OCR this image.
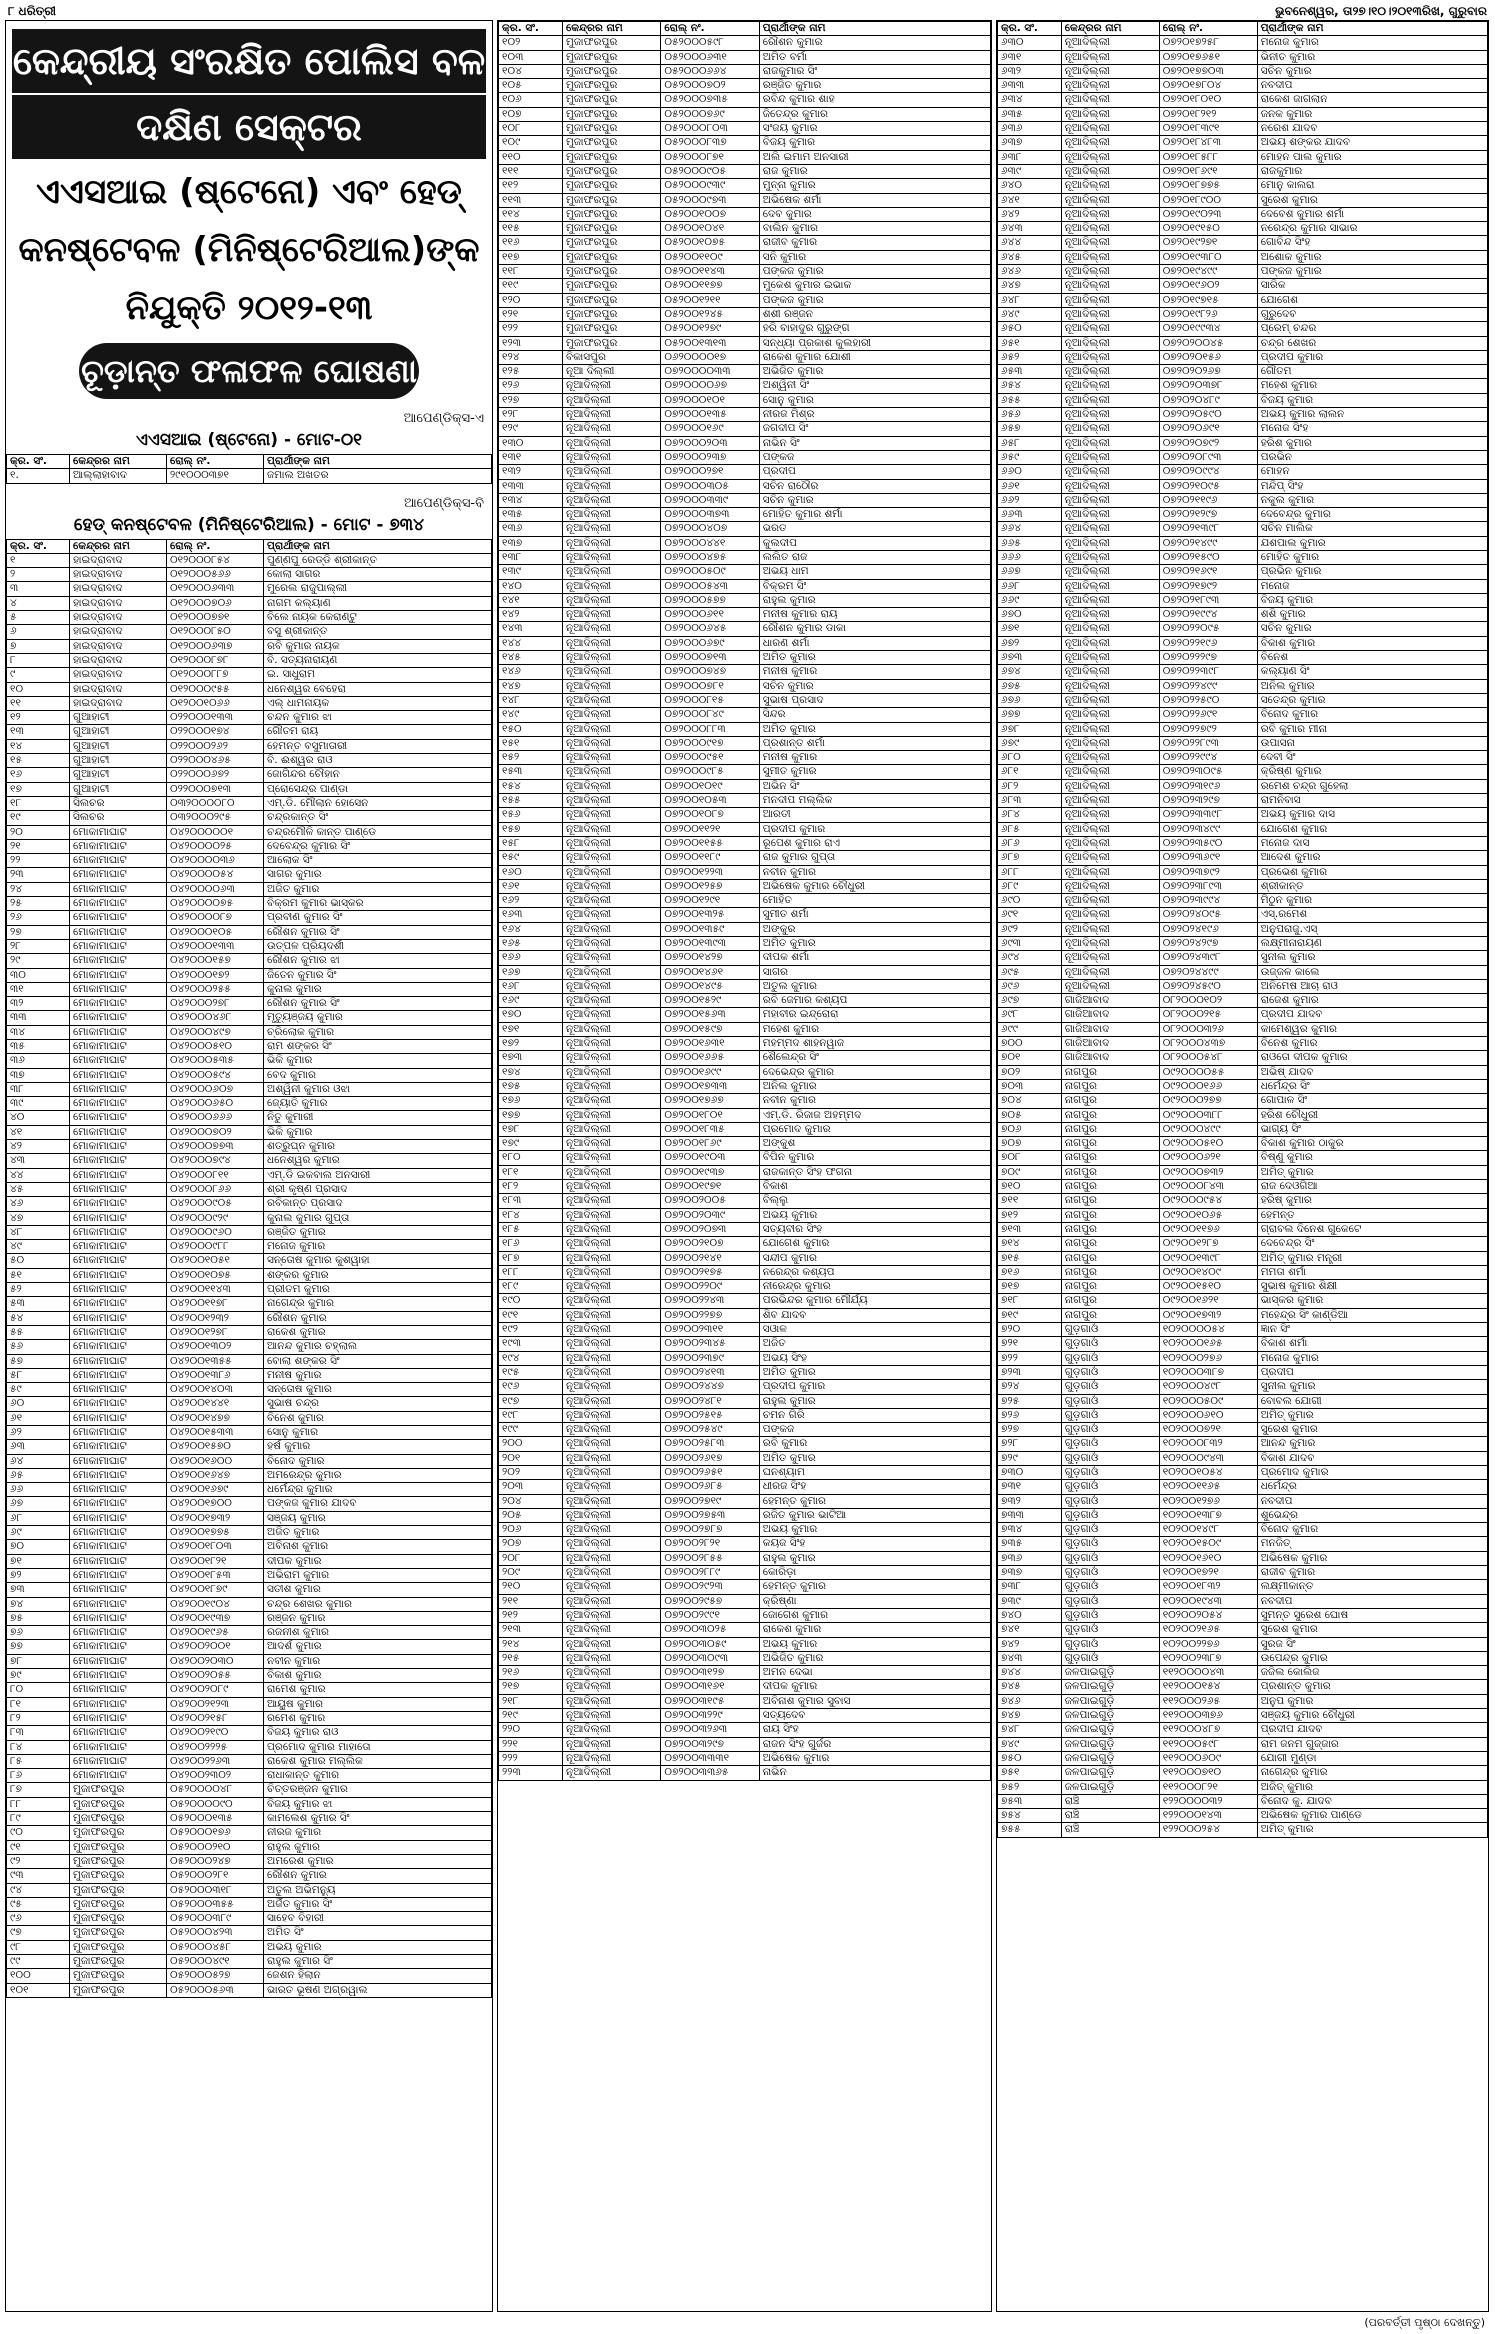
୮ ଧରିତ୍ରୀ	ଭୁବନେଶ୍ୱର, ତା୨୭।୧୦।୨୦୧୩ରିଖ, ଗୁରୁବାର
କେନ୍ଦ୍ରୀୟ ସଂରକ୍ଷିତ ପୋଲିସ ବଳ
ଦକ୍ଷିଣ ସେକ୍ଟର
ଏଏସଆଇ (ଷ୍ଟେନୋ) ଏବଂ ହେଡ୍
କନଷ୍ଟେବଳ (ମିନିଷ୍ଟେରିଆଲ)ଙ୍କ
ନିଯୁକ୍ତି ୨୦୧୨-୧୩
ଚୂଡ଼ାନ୍ତ ଫଳାଫଳ ଘୋଷଣା
ଆପେଣ୍ଡିକ୍ସ-ଏ
ଏଏସଆଇ (ଷ୍ଟେନୋ) - ମୋଟ-୦୧
କ୍ର. ସଂ.	କେନ୍ଦ୍ରର ନାମ	ରୋଲ୍ ନଂ.	ପ୍ରାର୍ଥୀଙ୍କ ନାମ
୧.	ଆଲ୍ଲାହାବାଦ	୨୯୧୦୦୦୩୭୧	ଜମାଲ ଅଖତର
ଆପେଣ୍ଡିକ୍ସ-ବି
ହେଡ୍ କନଷ୍ଟେବଳ (ମିନିଷ୍ଟେରିଆଲ) - ମୋଟ - ୭୩୪
କ୍ର. ସଂ.	କେନ୍ଦ୍ରର ନାମ	ରୋଲ୍ ନଂ.	ପ୍ରାର୍ଥୀଙ୍କ ନାମ
୧	ହାଇଦ୍ରାବାଦ	୦୧୨୦୦୦୮୫୪	ପୁଣ୍ଣପୁ ରେଡ୍ଡି ଶ୍ରୀକାନ୍ତ
୨	ହାଇଦ୍ରାବାଦ	୦୧୨୦୦୦୫୬୬	କୋଲା ସାଗର
୩	ହାଇଦ୍ରାବାଦ	୦୧୨୦୦୦୬୩୩	ମୁରେଲ ରାଜୁପାଲ୍ଲୀ
୪	ହାଇଦ୍ରାବାଦ	୦୧୨୦୦୦୭୦୬	ନାଗମ କଲ୍ୟାଣ
୫	ହାଇଦ୍ରାବାଦ	୦୧୨୦୦୦୭୭୧	ବିଲେ ନାୟକ କେରାଣ୍ଟୁ
୬	ହାଇଦ୍ରାବାଦ	୦୧୨୦୦୦୮୫୦	ବସୁ ଶ୍ରୀକାନ୍ତ
୭	ହାଇଦ୍ରାବାଦ	୦୧୨୦୦୦୬୩୭	ରବି କୁମାର ନାୟକ
୮	ହାଇଦ୍ରାବାଦ	୦୧୨୦୦୦୮୭୮	ବି. ସତ୍ୟନାରାୟଣ
୯	ହାଇଦ୍ରାବାଦ	୦୧୨୦୦୦୮୮୭	ଇ. ସାଧୁରାମ
୧୦	ହାଇଦ୍ରାବାଦ	୦୧୨୦୦୦୯୫୫	ଧନେଶ୍ୱର ବେହେରା
୧୧	ହାଇଦ୍ରାବାଦ	୦୧୨୦୦୧୦୬୬	ଏଲ୍ ଧାମନାୟକ
୧୨	ଗୁଆହାଟୀ	୦୨୨୦୦୦୧୩୩	ଚନ୍ଦନ କୁମାର ଝା
୧୩	ଗୁଆହାଟୀ	୦୨୨୦୦୦୧୭୪	ଗୌତମ ରାୟ
୧୪	ଗୁଆହାଟୀ	୦୨୨୦୦୦୨୬୨	ହେମନ୍ତ ବସୁମାତାରୀ
୧୫	ଗୁଆହାଟୀ	୦୨୨୦୦୦୪୬୫	ବି. ଈଶ୍ୱର ରାଓ
୧୬	ଗୁଆହାଟୀ	୦୨୨୦୦୦୬୭୨	ଜୋଗିନ୍ଦର ଚୌହାନ
୧୭	ଗୁଆହାଟୀ	୦୨୨୦୦୦୭୧୩	ପ୍ରୋସେନ୍ଦ୍ର ପାଣ୍ଡା
୧୮	ସିଲଚର	୦୩୨୦୦୦୦୮୦	ଏମ୍.ଡି. ମୌଲାନ ହୋସେନ
୧୯	ସିଲଚର	୦୩୨୦୦୦୨୯୫	ଚନ୍ଦ୍ରକାନ୍ତ ସିଂ
୨୦	ମୋକାମାଘାଟ	୦୪୨୦୦୦୦୦୧	ଚନ୍ଦ୍ରମୌଳି କାନ୍ତ ପାଣ୍ଡେ
୨୧	ମୋକାମାଘାଟ	୦୪୨୦୦୦୦୨୫	ଦେବେନ୍ଦ୍ର କୁମାର ସିଂ
୨୨	ମୋକାମାଘାଟ	୦୪୨୦୦୦୦୩୬	ଆଲୋକ ସିଂ
୨୩	ମୋକାମାଘାଟ	୦୪୨୦୦୦୦୫୪	ସାଗର କୁମାର
୨୪	ମୋକାମାଘାଟ	୦୪୨୦୦୦୦୬୩	ଅଜିତ କୁମାର
୨୫	ମୋକାମାଘାଟ	୦୪୨୦୦୦୦୭୫	ବିକ୍ରମ କୁମାର ଭାସ୍କର
୨୬	ମୋକାମାଘାଟ	୦୪୨୦୦୦୦୮୭	ପ୍ରବୀଣ କୁମାର ସିଂ
୨୭	ମୋକାମାଘାଟ	୦୪୨୦୦୦୧୦୫	ରୌଶନ କୁମାର ସିଂ
୨୮	ମୋକାମାଘାଟ	୦୪୨୦୦୦୧୩୩	ଉତ୍ପଳ ପ୍ରିୟଦର୍ଶୀ
୨୯	ମୋକାମାଘାଟ	୦୪୨୦୦୦୧୫୭	ରୌଶନ କୁମାର ଝା
୩୦	ମୋକାମାଘାଟ	୦୪୨୦୦୦୧୭୨	ଜିତେନ କୁମାର ସିଂ
୩୧	ମୋକାମାଘାଟ	୦୪୨୦୦୦୨୫୫	କୁନାଲ କୁମାର
୩୨	ମୋକାମାଘାଟ	୦୪୨୦୦୦୨୭୮	ରୌଶନ କୁମାର ସିଂ
୩୩	ମୋକାମାଘାଟ	୦୪୨୦୦୦୪୬୮	ମୃତ୍ୟୁଞ୍ଜୟ କୁମାର
୩୪	ମୋକାମାଘାଟ	୦୪୨୦୦୦୪୯୭	ଚ୍ରିଲୋକ କୁମାର
୩୫	ମୋକାମାଘାଟ	୦୪୨୦୦୦୫୧୦	ରାମ ଶଙ୍କର ସିଂ
୩୬	ମୋକାମାଘାଟ	୦୪୨୦୦୦୫୩୫	ଭିକି କୁମାର
୩୭	ମୋକାମାଘାଟ	୦୪୨୦୦୦୫୯୪	ବେଦ କୁମାର
୩୮	ମୋକାମାଘାଟ	୦୪୨୦୦୦୬୦୭	ଅଶ୍ୱିନୀ କୁମାର ଓଝା
୩୯	ମୋକାମାଘାଟ	୦୪୨୦୦୦୬୫୦	ଜ୍ୟୋତି କୁମାର
୪୦	ମୋକାମାଘାଟ	୦୪୨୦୦୦୬୬୬	ନିତୁ କୁମାରୀ
୪୧	ମୋକାମାଘାଟ	୦୪୨୦୦୦୭୦୨	ଭିକି କୁମାର
୪୨	ମୋକାମାଘାଟ	୦୪୨୦୦୦୭୭୩	ଶତ୍ରୁଘ୍ନ କୁମାର
୪୩	ମୋକାମାଘାଟ	୦୪୨୦୦୦୭୯୪	ଧନେଶ୍ୱର କୁମାର
୪୪	ମୋକାମାଘାଟ	୦୪୨୦୦୦୮୧୧	ଏମ୍.ଡି ଇକବାଲ ଅନସାରୀ
୪୫	ମୋକାମାଘାଟ	୦୪୨୦୦୦୮୬୬	ଶ୍ରୀ କୃଷ୍ଣ ପ୍ରସାଦ
୪୬	ମୋକାମାଘାଟ	୦୪୨୦୦୦୯୦୫	ରବିକାନ୍ତ ପ୍ରସାଦ
୪୭	ମୋକାମାଘାଟ	୦୪୨୦୦୦୯୨୯	କୁନାଲ କୁମାର ଗୁପ୍ତା
୪୮	ମୋକାମାଘାଟ	୦୪୨୦୦୦୯୬୦	ରଞ୍ଜିତ କୁମାର
୪୯	ମୋକାମାଘାଟ	୦୪୨୦୦୦୯୮୮	ମନୋଜ କୁମାର
୫୦	ମୋକାମାଘାଟ	୦୪୨୦୦୧୦୫୧	ସନ୍ତୋଷ କୁମାର କୁଶୱାହା
୫୧	ମୋକାମାଘାଟ	୦୪୨୦୦୧୦୭୫	ଶଙ୍କର କୁମାର
୫୨	ମୋକାମାଘାଟ	୦୪୨୦୦୧୧୪୩	ପ୍ରୀତମ କୁମାର
୫୩	ମୋକାମାଘାଟ	୦୪୨୦୦୧୧୭୮	ନାଗେନ୍ଦ୍ର କୁମାର
୫୪	ମୋକାମାଘାଟ	୦୪୨୦୦୧୨୩୨	ରୌଶନ କୁମାର
୫୫	ମୋକାମାଘାଟ	୦୪୨୦୦୧୨୭୮	ରାକେଶ କୁମାର
୫୬	ମୋକାମାଘାଟ	୦୪୨୦୦୧୩୦୨	ଆନନ୍ଦ କୁମାର ଚହ୍ଲାଲ
୫୭	ମୋକାମାଘାଟ	୦୪୨୦୦୧୩୫୫	ବୋଲା ଶଙ୍କର ସିଂ
୫୮	ମୋକାମାଘାଟ	୦୪୨୦୦୧୩୮୬	ମନୀଷ କୁମାର
୫୯	ମୋକାମାଘାଟ	୦୪୨୦୦୧୪୦୩	ସନ୍ତୋଷ କୁମାର
୬୦	ମୋକାମାଘାଟ	୦୪୨୦୦୧୪୪୧	ସୁଭାଷ ଚନ୍ଦ୍ର
୬୧	ମୋକାମାଘାଟ	୦୪୨୦୦୧୪୭୭	ବିନେଶ କୁମାର
୬୨	ମୋକାମାଘାଟ	୦୪୨୦୦୧୫୩୩	ସୋନୁ କୁମାର
୬୩	ମୋକାମାଘାଟ	୦୪୨୦୦୧୫୭୦	ହର୍ଷ କୁମାର
୬୪	ମୋକାମାଘାଟ	୦୪୨୦୦୧୬୦୦	ବିନୋଦ କୁମାର
୬୫	ମୋକାମାଘାଟ	୦୪୨୦୦୧୬୪୭	ଅମରେନ୍ଦ୍ର କୁମାର
୬୬	ମୋକାମାଘାଟ	୦୪୨୦୦୧୬୭୯	ଧର୍ମେନ୍ଦ୍ର କୁମାର
୬୭	ମୋକାମାଘାଟ	୦୪୨୦୦୧୭୦୦	ପଙ୍କଜ କୁମାର ଯାଦବ
୬୮	ମୋକାମାଘାଟ	୦୪୨୦୦୧୭୩୨	ସଞ୍ଜୟ କୁମାର
୬୯	ମୋକାମାଘାଟ	୦୪୨୦୦୧୭୭୫	ଅଜିତ କୁମାର
୭୦	ମୋକାମାଘାଟ	୦୪୨୦୦୧୮୦୩	ଅବିନାଶ କୁମାର
୭୧	ମୋକାମାଘାଟ	୦୪୨୦୦୧୮୨୧	ଦୀପକ କୁମାର
୭୨	ମୋକାମାଘାଟ	୦୪୨୦୦୧୮୫୩	ଅଭିରାମ କୁମାର
୭୩	ମୋକାମାଘାଟ	୦୪୨୦୦୧୮୭୯	ସତୀଶ କୁମାର
୭୪	ମୋକାମାଘାଟ	୦୪୨୦୦୧୯୦୪	ଚନ୍ଦ୍ର ଶେଖର କୁମାର
୭୫	ମୋକାମାଘାଟ	୦୪୨୦୦୧୯୩୭	ରଞ୍ଜନ କୁମାର
୭୬	ମୋକାମାଘାଟ	୦୪୨୦୦୧୯୬୫	ରଜନୀଶ କୁମାର
୭୭	ମୋକାମାଘାଟ	୦୪୨୦୦୨୦୦୧	ଆଦର୍ଶ କୁମାର
୭୮	ମୋକାମାଘାଟ	୦୪୨୦୦୨୦୩୦	ନବୀନ କୁମାର
୭୯	ମୋକାମାଘାଟ	୦୪୨୦୦୨୦୫୫	ବିକାଶ କୁମାର
୮୦	ମୋକାମାଘାଟ	୦୪୨୦୦୨୦୮୯	ରାମେଶ କୁମାର
୮୧	ମୋକାମାଘାଟ	୦୪୨୦୦୨୧୨୩	ଆୟୁଷ କୁମାର
୮୨	ମୋକାମାଘାଟ	୦୪୨୦୦୨୧୫୮	ରମେଶ କୁମାର
୮୩	ମୋକାମାଘାଟ	୦୪୨୦୦୨୧୯୦	ବିଜୟ କୁମାର ରାଓ
୮୪	ମୋକାମାଘାଟ	୦୪୨୦୦୨୨୨୫	ପ୍ରମୋଦ କୁମାର ମାହାତୋ
୮୫	ମୋକାମାଘାଟ	୦୪୨୦୦୨୨୬୩	ରାକେଶ କୁମାର ମଲ୍ଲିକ
୮୬	ମୋକାମାଘାଟ	୦୪୨୦୦୨୩୦୨	ରାଧାକାନ୍ତ କୁମାର
୮୭	ମୁଜାଫରପୁର	୦୫୨୦୦୦୦୪୮	ଚିତ୍ତରଞ୍ଜନ କୁମାର
୮୮	ମୁଜାଫରପୁର	୦୫୨୦୦୦୦୯୦	ବିଜୟ କୁମାର ଝା
୮୯	ମୁଜାଫରପୁର	୦୫୨୦୦୦୧୩୫	କାମଲେଶ କୁମାର ସିଂ
୯୦	ମୁଜାଫରପୁର	୦୫୨୦୦୦୧୭୬	ନୀରଜ କୁମାର
୯୧	ମୁଜାଫରପୁର	୦୫୨୦୦୦୨୧୦	ରାହୁଲ କୁମାର
୯୨	ମୁଜାଫରପୁର	୦୫୨୦୦୦୨୪୭	ଅମରେଶ କୁମାର
୯୩	ମୁଜାଫରପୁର	୦୫୨୦୦୦୨୮୧	ରୌଶନ କୁମାର
୯୪	ମୁଜାଫରପୁର	୦୫୨୦୦୦୩୧୮	ଅତୁଲ ଅଭିମନ୍ୟୁ
୯୫	ମୁଜାଫରପୁର	୦୫୨୦୦୦୩୫୫	ଅର୍ଜିତ କୁମାର ସିଂ
୯୬	ମୁଜାଫରପୁର	୦୫୨୦୦୦୩୮୯	ସାହେବ ବିହାରୀ
୯୭	ମୁଜାଫରପୁର	୦୫୨୦୦୦୪୨୩	ଅମିତ ସିଂ
୯୮	ମୁଜାଫରପୁର	୦୫୨୦୦୦୪୫୮	ଅଭୟ କୁମାର
୯୯	ମୁଜାଫରପୁର	୦୫୨୦୦୦୪୯୧	ରାହୁଲ କୁମାର ସିଂ
୧୦୦	ମୁଜାଫରପୁର	୦୫୨୦୦୦୫୨୭	ଜେଶନ ହିଲାନ
୧୦୧	ମୁଜାଫରପୁର	୦୫୨୦୦୦୫୬୩	ଭାରତ ଭୂଷଣ ଅଗ୍ରୱାଲ
କ୍ର. ସଂ.	କେନ୍ଦ୍ରର ନାମ	ରୋଲ୍ ନଂ.	ପ୍ରାର୍ଥୀଙ୍କ ନାମ
୧୦୨	ମୁଜାଫରପୁର	୦୫୨୦୦୦୫୯୮	ରୌଶନ କୁମାର
୧୦୩	ମୁଜାଫରପୁର	୦୫୨୦୦୦୬୩୧	ଅମିତ ବର୍ମା
୧୦୪	ମୁଜାଫରପୁର	୦୫୨୦୦୦୬୬୪	ରାଜକୁମାର ସିଂ
୧୦୫	ମୁଜାଫରପୁର	୦୫୨୦୦୦୭୦୨	ରଞ୍ଜିତ କୁମାର
୧୦୬	ମୁଜାଫରପୁର	୦୫୨୦୦୦୭୩୫	ରବିନ୍ଦ କୁମାର ଶାହ
୧୦୭	ମୁଜାଫରପୁର	୦୫୨୦୦୦୭୬୯	ଜିତେନ୍ଦ୍ର କୁମାର
୧୦୮	ମୁଜାଫରପୁର	୦୫୨୦୦୦୮୦୩	ସଂଜୟ କୁମାର
୧୦୯	ମୁଜାଫରପୁର	୦୫୨୦୦୦୮୩୭	ବିଜୟ କୁମାର
୧୧୦	ମୁଜାଫରପୁର	୦୫୨୦୦୦୮୭୧	ଅଲି ଇମାମ ଅନସାରୀ
୧୧୧	ମୁଜାଫରପୁର	୦୫୨୦୦୦୯୦୫	ରାଜ କୁମାର
୧୧୨	ମୁଜାଫରପୁର	୦୫୨୦୦୦୯୩୯	ମୁନ୍ନା କୁମାର
୧୧୩	ମୁଜାଫରପୁର	୦୫୨୦୦୦୯୭୩	ଅଭିଷେକ ଶର୍ମା
୧୧୪	ମୁଜାଫରପୁର	୦୫୨୦୦୧୦୦୭	ଦେବ କୁମାର
୧୧୫	ମୁଜାଫରପୁର	୦୫୨୦୦୧୦୪୧	ବାଲିନ କୁମାର
୧୧୬	ମୁଜାଫରପୁର	୦୫୨୦୦୧୦୭୫	ରାଜୀବ କୁମାର
୧୧୭	ମୁଜାଫରପୁର	୦୫୨୦୦୧୧୦୯	ସନି କୁମାର
୧୧୮	ମୁଜାଫରପୁର	୦୫୨୦୦୧୧୪୩	ପଙ୍କଜ କୁମାର
୧୧୯	ମୁଜାଫରପୁର	୦୫୨୦୦୧୧୭୭	ମୁକେଶ କୁମାର ଇଭାକ
୧୨୦	ମୁଜାଫରପୁର	୦୫୨୦୦୧୨୧୧	ପଙ୍କଜ କୁମାର
୧୨୧	ମୁଜାଫରପୁର	୦୫୨୦୦୧୨୪୫	ଶଶୀ ରଞ୍ଜନ
୧୨୨	ମୁଜାଫରପୁର	୦୫୨୦୦୧୨୭୯	ହରି ବାହାଦୁର ଗୁରୁଙ୍ଗ
୧୨୩	ମୁଜାଫରପୁର	୦୫୨୦୦୧୩୧୩	ସନ୍ଧ୍ୟା ପ୍ରକାଶ କୁଲହାରୀ
୧୨୪	ବିକାସପୁର	୦୬୨୦୦୦୦୧୭	ରାକେଶ କୁମାର ଯୋଶୀ
୧୨୫	ନୂଆ ଦିଲ୍ଲୀ	୦୭୨୦୦୦୦୩୩	ଅଭିଜିତ କୁମାର
୧୨୬	ନୂଆଦିଲ୍ଲୀ	୦୭୨୦୦୦୦୬୭	ଅଶ୍ୱିନୀ ସିଂ
୧୨୭	ନୂଆଦିଲ୍ଲୀ	୦୭୨୦୦୦୧୦୧	ସୋନୁ କୁମାର
୧୨୮	ନୂଆଦିଲ୍ଲୀ	୦୭୨୦୦୦୧୩୫	ନୀରଜ ମିଶ୍ର
୧୨୯	ନୂଆଦିଲ୍ଲୀ	୦୭୨୦୦୦୧୬୯	ଜଗଦୀପ ସିଂ
୧୩୦	ନୂଆଦିଲ୍ଲୀ	୦୭୨୦୦୦୨୦୩	ନାଭିନ ସିଂ
୧୩୧	ନୂଆଦିଲ୍ଲୀ	୦୭୨୦୦୦୨୩୭	ପଙ୍କଜ
୧୩୨	ନୂଆଦିଲ୍ଲୀ	୦୭୨୦୦୦୨୭୧	ପ୍ରଦୀପ
୧୩୩	ନୂଆଦିଲ୍ଲୀ	୦୭୨୦୦୦୩୦୫	ସଚିନ ରାଠୌର
୧୩୪	ନୂଆଦିଲ୍ଲୀ	୦୭୨୦୦୦୩୩୯	ସଚିନ କୁମାର
୧୩୫	ନୂଆଦିଲ୍ଲୀ	୦୭୨୦୦୦୩୭୩	ମୋହିତ କୁମାର ଶର୍ମା
୧୩୬	ନୂଆଦିଲ୍ଲୀ	୦୭୨୦୦୦୪୦୭	ଭରତ
୧୩୭	ନୂଆଦିଲ୍ଲୀ	୦୭୨୦୦୦୪୪୧	କୁଲଦୀପ
୧୩୮	ନୂଆଦିଲ୍ଲୀ	୦୭୨୦୦୦୪୭୫	ଲଲିତ ରାଜ
୧୩୯	ନୂଆଦିଲ୍ଲୀ	୦୭୨୦୦୦୫୦୯	ଅଭୟ ଧାମ
୧୪୦	ନୂଆଦିଲ୍ଲୀ	୦୭୨୦୦୦୫୪୩	ବିକ୍ରମ ସିଂ
୧୪୧	ନୂଆଦିଲ୍ଲୀ	୦୭୨୦୦୦୫୭୭	ରାହୁଲ କୁମାର
୧୪୨	ନୂଆଦିଲ୍ଲୀ	୦୭୨୦୦୦୬୧୧	ମନୀଷ କୁମାର ରାୟ
୧୪୩	ନୂଆଦିଲ୍ଲୀ	୦୭୨୦୦୦୬୪୫	ରୌଶନ କୁମାର ଡାକା
୧୪୪	ନୂଆଦିଲ୍ଲୀ	୦୭୨୦୦୦୬୭୯	ଧାରଣ ଶର୍ମା
୧୪୫	ନୂଆଦିଲ୍ଲୀ	୦୭୨୦୦୦୭୧୩	ଅମିତ କୁମାର
୧୪୬	ନୂଆଦିଲ୍ଲୀ	୦୭୨୦୦୦୭୪୭	ମନୀଷ କୁମାର
୧୪୭	ନୂଆଦିଲ୍ଲୀ	୦୭୨୦୦୦୭୮୧	ସଚିନ କୁମାର
୧୪୮	ନୂଆଦିଲ୍ଲୀ	୦୭୨୦୦୦୮୧୫	ସୁଭାଷ ପ୍ରସାଦ
୧୪୯	ନୂଆଦିଲ୍ଲୀ	୦୭୨୦୦୦୮୪୯	ସିନ୍ଦର
୧୫୦	ନୂଆଦିଲ୍ଲୀ	୦୭୨୦୦୦୮୮୩	ଅମିତ କୁମାର
୧୫୧	ନୂଆଦିଲ୍ଲୀ	୦୭୨୦୦୦୯୧୭	ପ୍ରଶାନ୍ତ ଶର୍ମା
୧୫୨	ନୂଆଦିଲ୍ଲୀ	୦୭୨୦୦୦୯୫୧	ମନୀଷ କୁମାର
୧୫୩	ନୂଆଦିଲ୍ଲୀ	୦୭୨୦୦୦୯୮୫	ସୁମୀତ କୁମାର
୧୫୪	ନୂଆଦିଲ୍ଲୀ	୦୭୨୦୦୧୦୧୯	ଅଭିନ ସିଂ
୧୫୫	ନୂଆଦିଲ୍ଲୀ	୦୭୨୦୦୧୦୫୩	ମନଦୀପ ମଲ୍ଲିକ
୧୫୬	ନୂଆଦିଲ୍ଲୀ	୦୭୨୦୦୧୦୮୭	ଆରତୀ
୧୫୭	ନୂଆଦିଲ୍ଲୀ	୦୭୨୦୦୧୧୨୧	ପ୍ରଦୀପ କୁମାର
୧୫୮	ନୂଆଦିଲ୍ଲୀ	୦୭୨୦୦୧୧୫୫	ରୂପେଶ କୁମାର ରାଏ
୧୫୯	ନୂଆଦିଲ୍ଲୀ	୦୭୨୦୦୧୧୮୯	ରାଜ କୁମାର ଗୁପ୍ତା
୧୬୦	ନୂଆଦିଲ୍ଲୀ	୦୭୨୦୦୧୨୨୩	ନବୀନ କୁମାର
୧୬୧	ନୂଆଦିଲ୍ଲୀ	୦୭୨୦୦୧୨୫୭	ଅଭିଷେକ କୁମାର ଚୌଧୁରୀ
୧୬୨	ନୂଆଦିଲ୍ଲୀ	୦୭୨୦୦୧୨୯୧	ମୋହିତ
୧୬୩	ନୂଆଦିଲ୍ଲୀ	୦୭୨୦୦୧୩୨୫	ସୁମୀତ ଶର୍ମା
୧୬୪	ନୂଆଦିଲ୍ଲୀ	୦୭୨୦୦୧୩୫୯	ଅଙ୍କୁର
୧୬୫	ନୂଆଦିଲ୍ଲୀ	୦୭୨୦୦୧୩୯୩	ଅମିତ କୁମାର
୧୬୬	ନୂଆଦିଲ୍ଲୀ	୦୭୨୦୦୧୪୨୭	ଦୀପକ ଶର୍ମା
୧୬୭	ନୂଆଦିଲ୍ଲୀ	୦୭୨୦୦୧୪୬୧	ସାଗର
୧୬୮	ନୂଆଦିଲ୍ଲୀ	୦୭୨୦୦୧୪୯୫	ଅତୁଲ କୁମାର
୧୬୯	ନୂଆଦିଲ୍ଲୀ	୦୭୨୦୦୧୫୨୯	ରବି ଜେମାର କଶ୍ୟପ
୧୭୦	ନୂଆଦିଲ୍ଲୀ	୦୭୨୦୦୧୫୬୩	ମହାବୀର ଇନ୍ଦ୍ରୋରା
୧୭୧	ନୂଆଦିଲ୍ଲୀ	୦୭୨୦୦୧୫୯୭	ମହେଶ କୁମାର
୧୭୨	ନୂଆଦିଲ୍ଲୀ	୦୭୨୦୦୧୬୩୧	ମହମ୍ମଦ ଶାହନୱାଜ
୧୭୩	ନୂଆଦିଲ୍ଲୀ	୦୭୨୦୦୧୬୬୫	ଶୈଲେନ୍ଦ୍ର ସିଂ
୧୭୪	ନୂଆଦିଲ୍ଲୀ	୦୭୨୦୦୧୬୯୯	ଦେଭେନ୍ଦ୍ର କୁମାର
୧୭୫	ନୂଆଦିଲ୍ଲୀ	୦୭୨୦୦୧୭୩୩	ଅନିଲ କୁମାର
୧୭୬	ନୂଆଦିଲ୍ଲୀ	୦୭୨୦୦୧୭୬୭	ନବୀନ କୁମାର
୧୭୭	ନୂଆଦିଲ୍ଲୀ	୦୭୨୦୦୧୮୦୧	ଏମ୍.ଡି. ରିଜାଜ ଅହମ୍ମଦ
୧୭୮	ନୂଆଦିଲ୍ଲୀ	୦୭୨୦୦୧୮୩୫	ପ୍ରମୋଦ କୁମାର
୧୭୯	ନୂଆଦିଲ୍ଲୀ	୦୭୨୦୦୧୮୬୯	ଅଙ୍କୁଶ
୧୮୦	ନୂଆଦିଲ୍ଲୀ	୦୭୨୦୦୧୯୦୩	ବିପିନ କୁମାର
୧୮୧	ନୂଆଦିଲ୍ଲୀ	୦୭୨୦୦୧୯୩୭	ରାଜକାନ୍ତ ସିଂହ ଫଗନା
୧୮୨	ନୂଆଦିଲ୍ଲୀ	୦୭୨୦୦୧୯୭୧	ବିକାଶ
୧୮୩	ନୂଆଦିଲ୍ଲୀ	୦୭୨୦୦୨୦୦୫	ବିଲ୍ଲୁ
୧୮୪	ନୂଆଦିଲ୍ଲୀ	୦୭୨୦୦୨୦୩୯	ଅଭୟ କୁମାର
୧୮୫	ନୂଆଦିଲ୍ଲୀ	୦୭୨୦୦୨୦୭୩	ସତ୍ୟବୀର ସିଂହ
୧୮୬	ନୂଆଦିଲ୍ଲୀ	୦୭୨୦୦୨୧୦୭	ଯୋଗେଶ କୁମାର
୧୮୭	ନୂଆଦିଲ୍ଲୀ	୦୭୨୦୦୨୧୪୧	ସନ୍ଦୀପ କୁମାର
୧୮୮	ନୂଆଦିଲ୍ଲୀ	୦୭୨୦୦୨୧୭୫	ନରେନ୍ଦ୍ର କଶ୍ୟପ
୧୮୯	ନୂଆଦିଲ୍ଲୀ	୦୭୨୦୦୨୨୦୯	ନୀରେନ୍ଦ୍ର କୁମାର
୧୯୦	ନୂଆଦିଲ୍ଲୀ	୦୭୨୦୦୨୨୪୩	ପରଭିନ୍ଦର କୁମାର ମୌର୍ଯ୍ୟ
୧୯୧	ନୂଆଦିଲ୍ଲୀ	୦୭୨୦୦୨୨୭୭	ଶିବ ଯାଦବ
୧୯୨	ନୂଆଦିଲ୍ଲୀ	୦୭୨୦୦୨୩୧୧	ସଓାଳ
୧୯୩	ନୂଆଦିଲ୍ଲୀ	୦୭୨୦୦୨୩୪୫	ଅଜିତ
୧୯୪	ନୂଆଦିଲ୍ଲୀ	୦୭୨୦୦୨୩୭୯	ଅଭୟ ସିଂହ
୧୯୫	ନୂଆଦିଲ୍ଲୀ	୦୭୨୦୦୨୪୧୩	ଅମିତ କୁମାର
୧୯୬	ନୂଆଦିଲ୍ଲୀ	୦୭୨୦୦୨୪୪୭	ପ୍ରଦୀପ କୁମାର
୧୯୭	ନୂଆଦିଲ୍ଲୀ	୦୭୨୦୦୨୪୮୧	ରାହୁଲ କୁମାର
୧୯୮	ନୂଆଦିଲ୍ଲୀ	୦୭୨୦୦୨୫୧୫	ଚମନ ଗିରି
୧୯୯	ନୂଆଦିଲ୍ଲୀ	୦୭୨୦୦୨୫୪୯	ପଙ୍କଜ
୨୦୦	ନୂଆଦିଲ୍ଲୀ	୦୭୨୦୦୨୫୮୩	ରବି କୁମାର
୨୦୧	ନୂଆଦିଲ୍ଲୀ	୦୭୨୦୦୨୬୧୭	ଅମିତ କୁମାର
୨୦୨	ନୂଆଦିଲ୍ଲୀ	୦୭୨୦୦୨୬୫୧	ଘନଶ୍ୟାମ
୨୦୩	ନୂଆଦିଲ୍ଲୀ	୦୭୨୦୦୨୬୮୫	ଧୀରଜ ସିଂହ
୨୦୪	ନୂଆଦିଲ୍ଲୀ	୦୭୨୦୦୨୭୧୯	ହେମନ୍ତ କୁମାର
୨୦୫	ନୂଆଦିଲ୍ଲୀ	୦୭୨୦୦୨୭୫୩	ରଜିତ କୁମାର ଭାଟିଆ
୨୦୬	ନୂଆଦିଲ୍ଲୀ	୦୭୨୦୦୨୭୮୭	ଅଭୟ କୁମାର
୨୦୭	ନୂଆଦିଲ୍ଲୀ	୦୭୨୦୦୨୮୨୧	କୟଜ ସିଂହ
୨୦୮	ନୂଆଦିଲ୍ଲୀ	୦୭୨୦୦୨୮୫୫	ରାହୁଲ କୁମାର
୨୦୯	ନୂଆଦିଲ୍ଲୀ	୦୭୨୦୦୨୮୮୯	କୋରିଡ଼ା
୨୧୦	ନୂଆଦିଲ୍ଲୀ	୦୭୨୦୦୨୯୨୩	ହେମନ୍ତ କୁମାର
୨୧୧	ନୂଆଦିଲ୍ଲୀ	୦୭୨୦୦୨୯୫୭	କ୍ରିଷ୍ଣା
୨୧୨	ନୂଆଦିଲ୍ଲୀ	୦୭୨୦୦୨୯୯୧	ଜୋଗେଶ କୁମାର
୨୧୩	ନୂଆଦିଲ୍ଲୀ	୦୭୨୦୦୩୦୨୫	ରାକେଶ କୁମାର
୨୧୪	ନୂଆଦିଲ୍ଲୀ	୦୭୨୦୦୩୦୫୯	ଅଭୟ କୁମାର
୨୧୫	ନୂଆଦିଲ୍ଲୀ	୦୭୨୦୦୩୦୯୩	ଅଭିଜିତ କୁମାର
୨୧୬	ନୂଆଦିଲ୍ଲୀ	୦୭୨୦୦୩୧୨୭	ଅମନ ଦେଭା
୨୧୭	ନୂଆଦିଲ୍ଲୀ	୦୭୨୦୦୩୧୬୧	ଦୀପକ କୁମାର
୨୧୮	ନୂଆଦିଲ୍ଲୀ	୦୭୨୦୦୩୧୯୫	ଅବିନାଶ କୁମାର ସୁବାସ
୨୧୯	ନୂଆଦିଲ୍ଲୀ	୦୭୨୦୦୩୨୨୯	ସତ୍ୟଦେବ
୨୨୦	ନୂଆଦିଲ୍ଲୀ	୦୭୨୦୦୩୨୬୩	ରାୟ ସିଂହ
୨୨୧	ନୂଆଦିଲ୍ଲୀ	୦୭୨୦୦୩୨୯୭	ରାଜନ ସିଂହ ଗୁର୍ଜର
୨୨୨	ନୂଆଦିଲ୍ଲୀ	୦୭୨୦୦୩୩୩୧	ଅଭିଷେକ କୁମାର
୨୨୩	ନୂଆଦିଲ୍ଲୀ	୦୭୨୦୦୩୩୬୫	ନାଭିନ
କ୍ର. ସଂ.	କେନ୍ଦ୍ରର ନାମ	ରୋଲ୍ ନଂ.	ପ୍ରାର୍ଥୀଙ୍କ ନାମ
୬୩୦	ନୂଆଦିଲ୍ଲୀ	୦୭୨୦୧୭୨୫୮	ମନୋଜ କୁମାର
୬୩୧	ନୂଆଦିଲ୍ଲୀ	୦୭୨୦୧୭୬୫୧	ଭିନୀତ କୁମାର
୬୩୨	ନୂଆଦିଲ୍ଲୀ	୦୭୨୦୧୭୭୦୩	ସଚିନ କୁମାର
୬୩୩	ନୂଆଦିଲ୍ଲୀ	୦୭୨୦୧୭୮୦୪	ନବଦୀପ
୬୩୪	ନୂଆଦିଲ୍ଲୀ	୦୭୨୦୧୮୦୧୦	ରାକେଶ ଜାଗଲାନ
୬୩୫	ନୂଆଦିଲ୍ଲୀ	୦୭୨୦୧୮୨୧୨	ଜନକ କୁମାର
୬୩୬	ନୂଆଦିଲ୍ଲୀ	୦୭୨୦୧୮୩୯୧	ନରେଶ ଯାଦବ
୬୩୭	ନୂଆଦିଲ୍ଲୀ	୦୭୨୦୧୮୪୮୩	ଅଭୟ ଶଙ୍କର ଯାଦବ
୬୩୮	ନୂଆଦିଲ୍ଲୀ	୦୭୨୦୧୮୫୮୮	ମୋହନ ପାଲ କୁମାର
୬୩୯	ନୂଆଦିଲ୍ଲୀ	୦୭୨୦୧୮୬୯୧	ରାଜକୁମାର
୬୪୦	ନୂଆଦିଲ୍ଲୀ	୦୭୨୦୧୮୭୭୫	ମୋନୁ କାଲରା
୬୪୧	ନୂଆଦିଲ୍ଲୀ	୦୭୨୦୧୮୯୦୦	ସୁରେଶ କୁମାର
୬୪୨	ନୂଆଦିଲ୍ଲୀ	୦୭୨୦୧୯୦୨୩	ଦେବେଶ କୁମାର ଶର୍ମା
୬୪୩	ନୂଆଦିଲ୍ଲୀ	୦୭୨୦୧୯୧୫୦	ନରେନ୍ଦ୍ର କୁମାର ସାଭାର
୬୪୪	ନୂଆଦିଲ୍ଲୀ	୦୭୨୦୧୯୨୭୧	ଗୋବିନ୍ଦ ସିଂହ
୬୪୫	ନୂଆଦିଲ୍ଲୀ	୦୭୨୦୧୯୩୮୦	ଅଶୋକ କୁମାର
୬୪୬	ନୂଆଦିଲ୍ଲୀ	୦୭୨୦୧୯୪୯୯	ପଙ୍କଜ କୁମାର
୬୪୭	ନୂଆଦିଲ୍ଲୀ	୦୭୨୦୧୯୬୦୨	ସାରିକ
୬୪୮	ନୂଆଦିଲ୍ଲୀ	୦୭୨୦୧୯୭୧୫	ଯୋଗେଶ
୬୪୯	ନୂଆଦିଲ୍ଲୀ	୦୭୨୦୧୯୮୨୬	ଗୁରୁଦେବ
୬୫୦	ନୂଆଦିଲ୍ଲୀ	୦୭୨୦୧୯୯୩୪	ପ୍ରେମ୍ ଚନ୍ଦର
୬୫୧	ନୂଆଦିଲ୍ଲୀ	୦୭୨୦୨୦୦୪୫	ଚନ୍ଦ୍ର ଶେଖର
୬୫୨	ନୂଆଦିଲ୍ଲୀ	୦୭୨୦୨୦୧୫୬	ପ୍ରଦୀପ କୁମାର
୬୫୩	ନୂଆଦିଲ୍ଲୀ	୦୭୨୦୨୦୨୬୭	ଗୌତମ
୬୫୪	ନୂଆଦିଲ୍ଲୀ	୦୭୨୦୨୦୩୭୮	ମହେଶ କୁମାର
୬୫୫	ନୂଆଦିଲ୍ଲୀ	୦୭୨୦୨୦୪୮୯	ବିଜୟ କୁମାର
୬୫୬	ନୂଆଦିଲ୍ଲୀ	୦୭୨୦୨୦୫୯୦	ଅଭୟ କୁମାର ଲାଲନ
୬୫୭	ନୂଆଦିଲ୍ଲୀ	୦୭୨୦୨୦୬୯୧	ମନୋଜ ସିଂହ
୬୫୮	ନୂଆଦିଲ୍ଲୀ	୦୭୨୦୨୦୭୯୨	ହରିଶ କୁମାର
୬୫୯	ନୂଆଦିଲ୍ଲୀ	୦୭୨୦୨୦୮୯୩	ପରଭିନ
୬୬୦	ନୂଆଦିଲ୍ଲୀ	୦୭୨୦୨୦୯୯୪	ମୋହନ
୬୬୧	ନୂଆଦିଲ୍ଲୀ	୦୭୨୦୨୧୦୯୫	ମନ୍ଦିପ୍ ସିଂହ
୬୬୨	ନୂଆଦିଲ୍ଲୀ	୦୭୨୦୨୧୧୯୬	ନକୁଲ କୁମାର
୬୬୩	ନୂଆଦିଲ୍ଲୀ	୦୭୨୦୨୧୨୯୭	ଦେବେନ୍ଦ୍ର କୁମାର
୬୬୪	ନୂଆଦିଲ୍ଲୀ	୦୭୨୦୨୧୩୯୮	ସଚିନ ମାଲିକ
୬୬୫	ନୂଆଦିଲ୍ଲୀ	୦୭୨୦୨୧୪୯୯	ଯଶପାଲ କୁମାର
୬୬୬	ନୂଆଦିଲ୍ଲୀ	୦୭୨୦୨୧୫୯୦	ମୋହିତ କୁମାର
୬୬୭	ନୂଆଦିଲ୍ଲୀ	୦୭୨୦୨୧୬୯୧	ପ୍ରଭିନ କୁମାର
୬୬୮	ନୂଆଦିଲ୍ଲୀ	୦୭୨୦୨୧୭୯୨	ମନୋଜ
୬୬୯	ନୂଆଦିଲ୍ଲୀ	୦୭୨୦୨୧୮୯୩	ବିଜୟ କୁମାର
୬୭୦	ନୂଆଦିଲ୍ଲୀ	୦୭୨୦୨୧୯୯୪	ଶଶି କୁମାର
୬୭୧	ନୂଆଦିଲ୍ଲୀ	୦୭୨୦୨୨୦୯୫	ସଚିନ କୁମାର
୬୭୨	ନୂଆଦିଲ୍ଲୀ	୦୭୨୦୨୨୧୯୬	ବିକାଶ କୁମାର
୬୭୩	ନୂଆଦିଲ୍ଲୀ	୦୭୨୦୨୨୨୯୭	ବିନେଶ
୬୭୪	ନୂଆଦିଲ୍ଲୀ	୦୭୨୦୨୨୩୯୮	କଲ୍ୟାଣ ସିଂ
୬୭୫	ନୂଆଦିଲ୍ଲୀ	୦୭୨୦୨୨୪୯୯	ଅନିଲ କୁମାର
୬୭୬	ନୂଆଦିଲ୍ଲୀ	୦୭୨୦୨୨୫୯୦	ସତେନ୍ଦ୍ର କୁମାର
୬୭୭	ନୂଆଦିଲ୍ଲୀ	୦୭୨୦୨୨୬୯୧	ବିନୋଦ କୁମାର
୬୭୮	ନୂଆଦିଲ୍ଲୀ	୦୭୨୦୨୨୭୯୨	ରବି କୁମାର ମୀନା
୬୭୯	ନୂଆଦିଲ୍ଲୀ	୦୭୨୦୨୨୮୯୩	ଉପାସନା
୬୮୦	ନୂଆଦିଲ୍ଲୀ	୦୭୨୦୨୨୯୯୪	ଦେବୀ ସିଂ
୬୮୧	ନୂଆଦିଲ୍ଲୀ	୦୭୨୦୨୩୦୯୫	କ୍ରିଷ୍ଣ କୁମାର
୬୮୨	ନୂଆଦିଲ୍ଲୀ	୦୭୨୦୨୩୧୯୬	ରମେଶ ଚନ୍ଦ୍ର ଗୁହେଲା
୬୮୩	ନୂଆଦିଲ୍ଲୀ	୦୭୨୦୨୩୨୯୭	ରାମନିବାସ
୬୮୪	ନୂଆଦିଲ୍ଲୀ	୦୭୨୦୨୩୩୯୮	ଅଭୟ କୁମାର ଦାସ
୬୮୫	ନୂଆଦିଲ୍ଲୀ	୦୭୨୦୨୩୪୯୯	ଯୋଗେଶ କୁମାର
୬୮୬	ନୂଆଦିଲ୍ଲୀ	୦୭୨୦୨୩୫୯୦	ମନୋଜ ଦାସ
୬୮୭	ନୂଆଦିଲ୍ଲୀ	୦୭୨୦୨୩୬୯୧	ଆଦେଶ କୁମାର
୬୮୮	ନୂଆଦିଲ୍ଲୀ	୦୭୨୦୨୩୭୯୨	ପ୍ରଭେଶ କୁମାର
୬୮୯	ନୂଆଦିଲ୍ଲୀ	୦୭୨୦୨୩୮୯୩	ଶ୍ରୀକାନ୍ତ
୬୯୦	ନୂଆଦିଲ୍ଲୀ	୦୭୨୦୨୩୯୯୪	ମିଠୁନ କୁମାର
୬୯୧	ନୂଆଦିଲ୍ଲୀ	୦୭୨୦୨୪୦୯୫	ଏସ୍.ରମେଶ
୬୯୨	ନୂଆଦିଲ୍ଲୀ	୦୭୨୦୨୪୧୯୬	ଅନୁପରାଜୁ.ଏସ୍
୬୯୩	ନୂଆଦିଲ୍ଲୀ	୦୭୨୦୨୪୨୯୭	ଲକ୍ଷ୍ମୀନାରାୟଣ
୬୯୪	ନୂଆଦିଲ୍ଲୀ	୦୭୨୦୨୪୩୯୮	ସୁନୀଲ କୁମାର
୬୯୫	ନୂଆଦିଲ୍ଲୀ	୦୭୨୦୨୪୪୯୯	ଉଜ୍ଜଳ କାଲେ
୬୯୬	ନୂଆଦିଲ୍ଲୀ	୦୭୨୦୨୪୫୯୦	ଅନିମେଷ ଆଚା ରାଓ
୬୯୭	ଗାଜିଆବାଦ	୦୮୨୦୦୦୧୦୨	ରାଜେଶ କୁମାର
୬୯୮	ଗାଜିଆବାଦ	୦୮୨୦୦୦୨୧୫	ପ୍ରଦୀପ ଯାଦବ
୬୯୯	ଗାଜିଆବାଦ	୦୮୨୦୦୦୩୨୬	କାମେଶ୍ୱର କୁମାର
୭୦୦	ଗାଜିଆବାଦ	୦୮୨୦୦୦୪୩୭	ବିନେଶ କୁମାର
୭୦୧	ଗାଜିଆବାଦ	୦୮୨୦୦୦୫୪୮	ରାଓତୋ ଦୀପକ କୁମାର
୭୦୨	ନାଗପୁର	୦୯୨୦୦୦୦୫୫	ଅଭିଷ୍ ଯାଦବ
୭୦୩	ନାଗପୁର	୦୯୨୦୦୦୧୬୬	ଧର୍ମେନ୍ଦ୍ର ସିଂ
୭୦୪	ନାଗପୁର	୦୯୨୦୦୦୨୭୭	ଗୋପାଳ ସିଂ
୭୦୫	ନାଗପୁର	୦୯୨୦୦୦୩୮୮	ହରିଶ ଚୌଧୁରୀ
୭୦୬	ନାଗପୁର	୦୯୨୦୦୦୪୯୯	ଭାଗ୍ୟ ସିଂ
୭୦୭	ନାଗପୁର	୦୯୨୦୦୦୫୧୦	ବିକାଶ କୁମାର ଠାକୁର
୭୦୮	ନାଗପୁର	୦୯୨୦୦୦୬୨୧	ବିଷ୍ଣୁ କୁମାର
୭୦୯	ନାଗପୁର	୦୯୨୦୦୦୭୩୨	ଅମିତ୍ କୁମାର
୭୧୦	ନାଗପୁର	୦୯୨୦୦୦୮୪୩	ରାଜ ଦେଓଗିଆ
୭୧୧	ନାଗପୁର	୦୯୨୦୦୦୯୫୪	ହରିଷ୍ କୁମାର
୭୧୨	ନାଗପୁର	୦୯୨୦୦୧୦୬୫	ହେମନ୍ତ
୭୧୩	ନାଗପୁର	୦୯୨୦୦୧୧୭୬	ଗ୍ରାବଲ ଦିନେଶ ଗୁକେଟେ
୭୧୪	ନାଗପୁର	୦୯୨୦୦୧୨୮୭	ଦେବେନ୍ଦ୍ର ସିଂ
୭୧୫	ନାଗପୁର	୦୯୨୦୦୧୩୯୮	ଅମିତ୍ କୁମାର ମନ୍ତ୍ରୀ
୭୧୬	ନାଗପୁର	୦୯୨୦୦୧୪୦୯	ମମତା ଶର୍ମା
୭୧୭	ନାଗପୁର	୦୯୨୦୦୧୫୧୦	ସୁଭାଷ କୁମାର ଶିକ୍ଷୀ
୭୧୮	ନାଗପୁର	୦୯୨୦୦୧୬୨୧	ଭାସ୍କର କୁମାର
୭୧୯	ନାଗପୁର	୦୯୨୦୦୧୭୩୨	ମହେନ୍ଦ୍ର ସିଂ କାଣ୍ଡିଆ
୭୨୦	ଗୁଡ଼ଗାଓଁ	୧୦୨୦୦୦୦୫୪	ଜ୍ଞାନ ସିଂ
୭୨୧	ଗୁଡ଼ଗାଓଁ	୧୦୨୦୦୦୧୬୫	ବିକାଶ ଶର୍ମା
୭୨୨	ଗୁଡ଼ଗାଓଁ	୧୦୨୦୦୦୨୭୬	ମନୋଜ କୁମାର
୭୨୩	ଗୁଡ଼ଗାଓଁ	୧୦୨୦୦୦୩୮୭	ପ୍ରଦୀପ
୭୨୪	ଗୁଡ଼ଗାଓଁ	୧୦୨୦୦୦୪୯୮	ସୁନୀଲ କୁମାର
୭୨୫	ଗୁଡ଼ଗାଓଁ	୧୦୨୦୦୦୫୦୯	ବୋବଲ ଯୋଗୀ
୭୨୬	ଗୁଡ଼ଗାଓଁ	୧୦୨୦୦୦୬୧୦	ଅମିତ୍ କୁମାର
୭୨୭	ଗୁଡ଼ଗାଓଁ	୧୦୨୦୦୦୭୨୧	ସୁରେଶ କୁମାର
୭୨୮	ଗୁଡ଼ଗାଓଁ	୧୦୨୦୦୦୮୩୨	ଆନନ୍ଦ କୁମାର
୭୨୯	ଗୁଡ଼ଗାଓଁ	୧୦୨୦୦୦୯୪୩	ବିକାଶ ଯାଦବ
୭୩୦	ଗୁଡ଼ଗାଓଁ	୧୦୨୦୦୧୦୫୪	ପ୍ରମୋଦ କୁମାର
୭୩୧	ଗୁଡ଼ଗାଓଁ	୧୦୨୦୦୧୧୬୫	ଧର୍ମେନ୍ଦ୍ର
୭୩୨	ଗୁଡ଼ଗାଓଁ	୧୦୨୦୦୧୨୭୬	ନବଦୀପ
୭୩୩	ଗୁଡ଼ଗାଓଁ	୧୦୨୦୦୧୩୮୭	ଶୁଭେନ୍ଦ୍ର
୭୩୪	ଗୁଡ଼ଗାଓଁ	୧୦୨୦୦୧୪୯୮	ବିନୋଦ କୁମାର
୭୩୫	ଗୁଡ଼ଗାଓଁ	୧୦୨୦୦୧୫୦୯	ମନଜିତ୍
୭୩୬	ଗୁଡ଼ଗାଓଁ	୧୦୨୦୦୧୬୧୦	ଅଭିଷେକ କୁମାର
୭୩୭	ଗୁଡ଼ଗାଓଁ	୧୦୨୦୦୧୭୨୧	ରାଜୀବ କୁମାର
୭୩୮	ଗୁଡ଼ଗାଓଁ	୧୦୨୦୦୧୮୩୨	ଲକ୍ଷ୍ମୀକାନ୍ତ
୭୩୯	ଗୁଡ଼ଗାଓଁ	୧୦୨୦୦୧୯୪୩	ନବଦୀପ
୭୪୦	ଗୁଡ଼ଗାଓଁ	୧୦୨୦୦୨୦୫୪	ସୁମନ୍ତ ସୁରେଶ ଘୋଷ
୭୪୧	ଗୁଡ଼ଗାଓଁ	୧୦୨୦୦୨୧୬୫	ସୁରେଶ କୁମାର
୭୪୨	ଗୁଡ଼ଗାଓଁ	୧୦୨୦୦୨୨୭୬	ସୁରଜ ସିଂ
୭୪୩	ଗୁଡ଼ଗାଓଁ	୧୦୨୦୦୨୩୮୭	ଉପେନ୍ଦ୍ର କୁମାର
୭୪୪	ଜଳପାଇଗୁଡ଼ି	୧୧୨୦୦୦୦୪୩	ଜଜିଲ କୋଲିଜ
୭୪୫	ଜଳପାଇଗୁଡ଼ି	୧୧୨୦୦୦୧୫୪	ପ୍ରଶାନ୍ତ କୁମାର
୭୪୬	ଜଳପାଇଗୁଡ଼ି	୧୧୨୦୦୦୨୬୫	ଅନୁପ କୁମାର
୭୪୭	ଜଳପାଇଗୁଡ଼ି	୧୧୨୦୦୦୩୭୬	ସଞ୍ଜୟ କୁମାର ଚୌଧୁରୀ
୭୪୮	ଜଳପାଇଗୁଡ଼ି	୧୧୨୦୦୦୪୮୭	ପ୍ରଦୀପ ଯାଦବ
୭୪୯	ଜଳପାଇଗୁଡ଼ି	୧୧୨୦୦୦୫୯୮	ରାମ ଜନମ ଗୁଜ୍ଜାର
୭୫୦	ଜଳପାଇଗୁଡ଼ି	୧୧୨୦୦୦୬୦୯	ଯୋଗୀ ମୁଣ୍ଡା
୭୫୧	ଜଳପାଇଗୁଡ଼ି	୧୧୨୦୦୦୭୧୦	ନାଗେନ୍ଦ୍ର କୁମାର
୭୫୨	ଜଳପାଇଗୁଡ଼ି	୧୧୨୦୦୦୮୨୧	ଅଜିତ୍ କୁମାର
୭୫୩	ରାଞ୍ଚି	୧୨୨୦୦୦୦୩୨	ବିନୋଦ କୁ. ଯାଦବ
୭୫୪	ରାଞ୍ଚି	୧୨୨୦୦୦୧୪୩	ଅଭିଷେକ କୁମାର ପାଣ୍ଡେ
୭୫୫	ରାଞ୍ଚି	୧୨୨୦୦୦୨୫୪	ଅମିତ୍ କୁମାର
(ପରବର୍ତ୍ତୀ ପୃଷ୍ଠା ଦେଖନ୍ତୁ)
